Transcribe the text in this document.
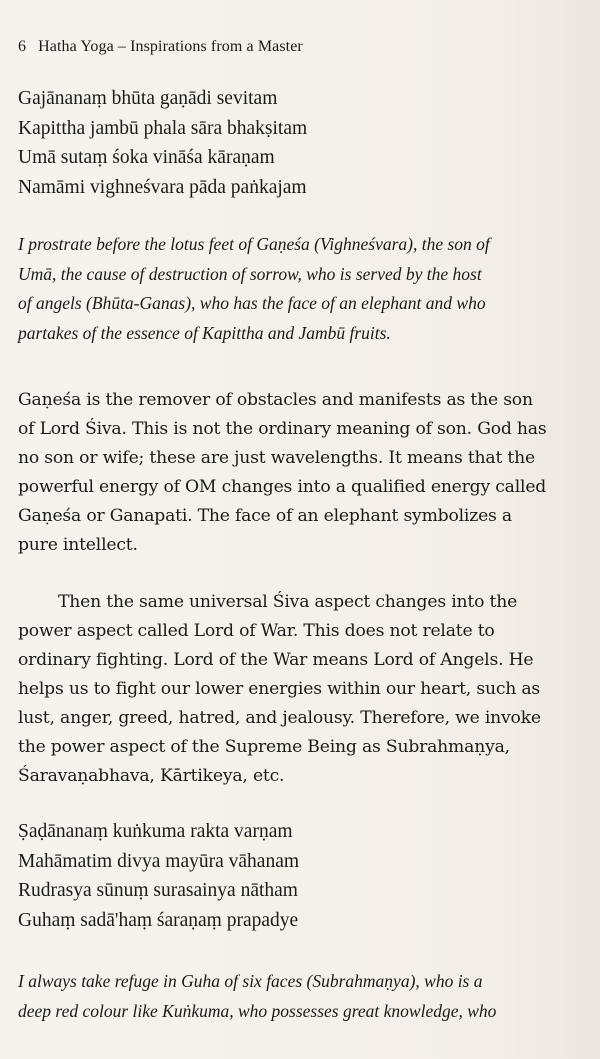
6 Hatha Yoga – Inspirations from a Master

Gajānanaṃ bhūta gaṇādi sevitam

Kapittha jambū phala sāra bhakṣitam

Umā sutaṃ śoka vināśa kāraṇam

Namāmi vighneśvara pāda paṅkajam

I prostrate before the lotus feet of Gaṇeśa (Vighneśvara), the son of

Umā, the cause of destruction of sorrow, who is served by the host

of angels (Bhūta-Ganas), who has the face of an elephant and who

partakes of the essence of Kapittha and Jambū fruits.

Gaṇeśa is the remover of obstacles and manifests as the son

of Lord Śiva. This is not the ordinary meaning of son. God has

no son or wife; these are just wavelengths. It means that the

powerful energy of OM changes into a qualified energy called

Gaṇeśa or Ganapati. The face of an elephant symbolizes a

pure intellect.

Then the same universal Śiva aspect changes into the

power aspect called Lord of War. This does not relate to

ordinary fighting. Lord of the War means Lord of Angels. He

helps us to fight our lower energies within our heart, such as

lust, anger, greed, hatred, and jealousy. Therefore, we invoke

the power aspect of the Supreme Being as Subrahmaṇya,

Śaravaṇabhava, Kārtikeya, etc.

Ṣaḍānanaṃ kuṅkuma rakta varṇam

Mahāmatim divya mayūra vāhanam

Rudrasya sūnuṃ surasainya nātham

Guhaṃ sadā'haṃ śaraṇaṃ prapadye

I always take refuge in Guha of six faces (Subrahmaṇya), who is a

deep red colour like Kuṅkuma, who possesses great knowledge, who
